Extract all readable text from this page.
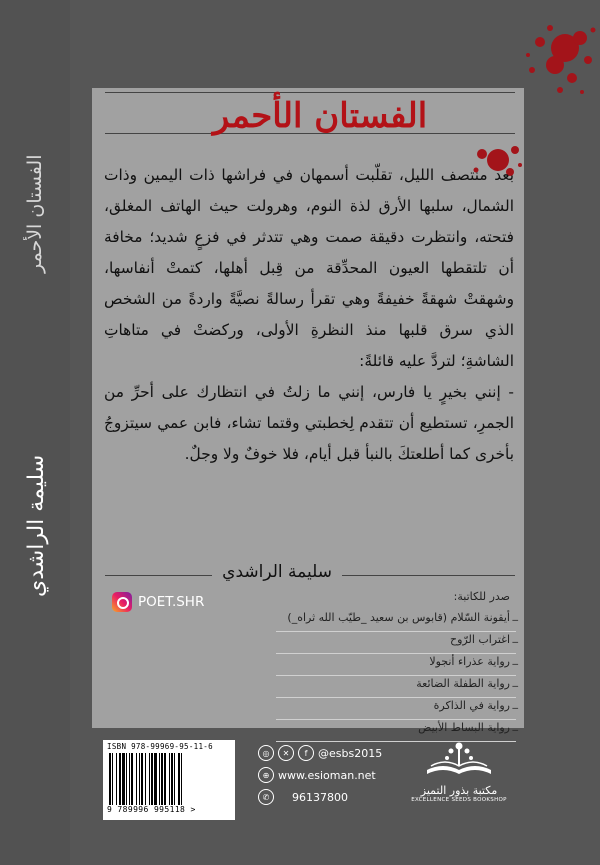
الفستان الأحمر
سليمة الراشدي
الفستان الأحمر

بعد منتصف الليل، تقلّبت أسمهان في فراشها ذات اليمين وذات الشمال، سلبها الأرق لذة النوم، وهرولت حيث الهاتف المغلق، فتحته، وانتظرت دقيقة صمت وهي تتدثر في فزعٍ شديد؛ مخافة أن تلتقطها العيون المحدِّقة من قِبل أهلها، كتمتْ أنفاسها، وشهقتْ شهقةً خفيفةً وهي تقرأ رسالةً نصيَّةً واردةً من الشخص الذي سرق قلبها منذ النظرةِ الأولى، وركضتْ في متاهاتِ الشاشةِ؛ لتردَّ عليه قائلةً:

- إنني بخيرٍ يا فارس، إنني ما زلتُ في انتظارك على أحرِّ من الجمرِ، تستطيع أن تتقدم لِخطبتي وقتما تشاء، فابن عمي سيتزوجُ بأخرى كما أطلعتكَ بالنبأ قبل أيام، فلا خوفٌ ولا وجلٌ.

سليمة الراشدي
POET.SHR	صدر للكاتبة:
_ أيقونة السّلام (قابوس بن سعيد _طيّب الله ثراه_)
_ اغتراب الرّوح
_ رواية عذراء أنجولا
_ رواية الطفلة الضائعة
_ رواية في الذاكرة
_ رواية البساط الأبيض
ISBN 978-99969-95-11-6
9 789996 995118 >
◎	✕	f @esbs2015
⊕ www.esioman.net
✆	96137800	مكتبة بذور التميز
EXCELLENCE SEEDS BOOKSHOP
